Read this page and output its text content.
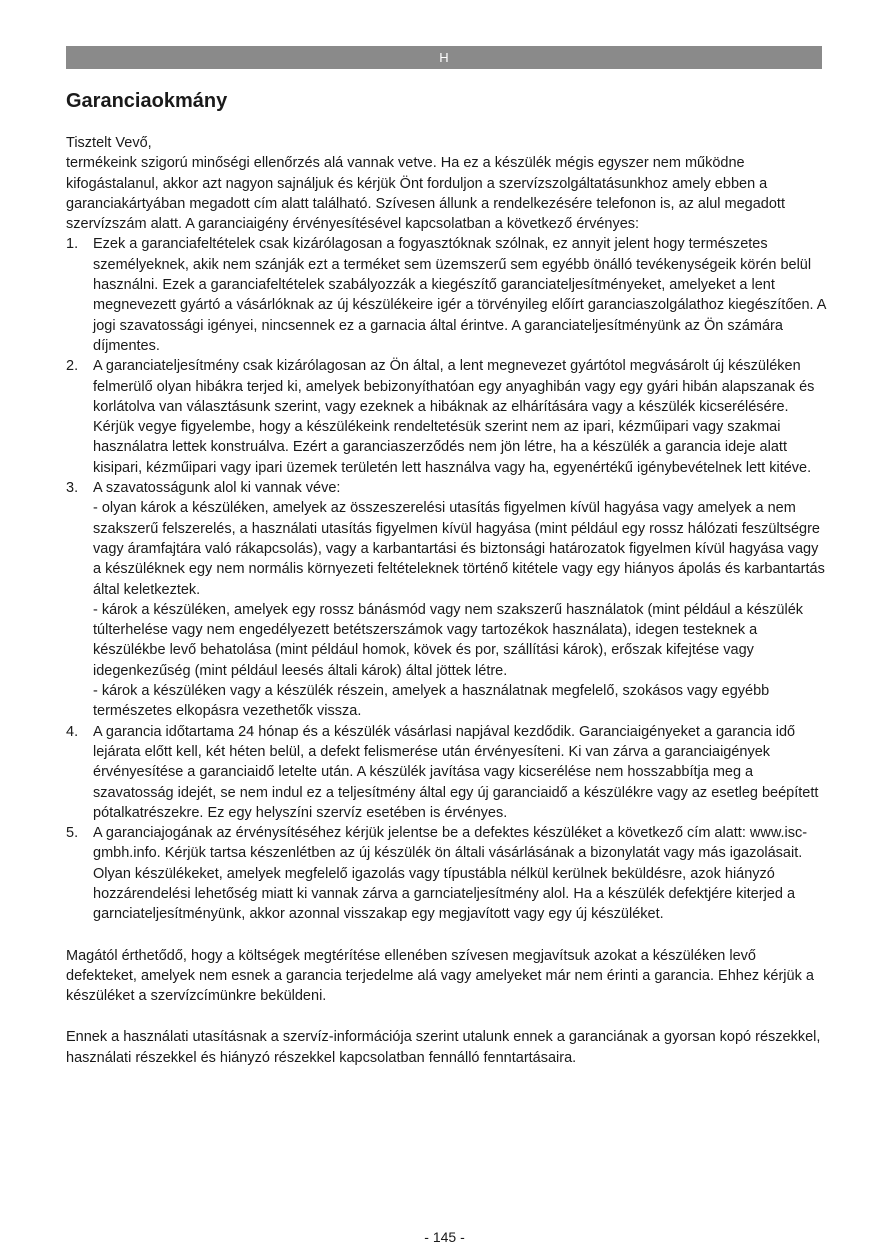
H
Garanciaokmány

Tisztelt Vevő,

termékeink szigorú minőségi ellenőrzés alá vannak vetve. Ha ez a készülék mégis egyszer nem működne kifogástalanul, akkor azt nagyon sajnáljuk és kérjük Önt forduljon a szervízszolgáltatásunkhoz amely ebben a garanciakártyában megadott cím alatt található. Szívesen állunk a rendelkezésére telefonon is, az alul megadott szervízszám alatt. A garanciaigény érvényesítésével kapcsolatban a következő érvényes:

1.	Ezek a garanciafeltételek csak kizárólagosan a fogyasztóknak szólnak, ez annyit jelent hogy természetes személyeknek, akik nem szánják ezt a terméket sem üzemszerű sem egyébb önálló tevékenységeik körén belül használni. Ezek a garanciafeltételek szabályozzák a kiegészítő garanciateljesítményeket, amelyeket a lent megnevezett gyártó a vásárlóknak az új készülékeire igér a törvényileg előírt garanciaszolgálathoz kiegészítően. A jogi szavatossági igényei, nincsennek ez a garnacia által érintve. A garanciateljesítményünk az Ön számára díjmentes.

2.	A garanciateljesítmény csak kizárólagosan az Ön által, a lent megnevezet gyártótol megvásárolt új készüléken felmerülő olyan hibákra terjed ki, amelyek bebizonyíthatóan egy anyaghibán vagy egy gyári hibán alapszanak és korlátolva van választásunk szerint, vagy ezeknek a hibáknak az elhárítására vagy a készülék kicserélésére.

Kérjük vegye figyelembe, hogy a készülékeink rendeltetésük szerint nem az ipari, kézműipari vagy szakmai használatra lettek konstruálva. Ezért a garanciaszerződés nem jön létre, ha a készülék a garancia ideje alatt kisipari, kézműipari vagy ipari üzemek területén lett használva vagy ha, egyenértékű igénybevételnek lett kitéve.

3.	A szavatosságunk alol ki vannak véve:

- olyan károk a készüléken, amelyek az összeszerelési utasítás figyelmen kívül hagyása vagy amelyek a nem szakszerű felszerelés, a használati utasítás figyelmen kívül hagyása (mint például egy rossz hálózati feszültségre vagy áramfajtára való rákapcsolás), vagy a karbantartási és biztonsági határozatok figyelmen kívül hagyása vagy a készüléknek egy nem normális környezeti feltételeknek történő kitétele vagy egy hiányos ápolás és karbantartás által keletkeztek.

- károk a készüléken, amelyek egy rossz bánásmód vagy nem szakszerű használatok (mint például a készülék túlterhelése vagy nem engedélyezett betétszerszámok vagy tartozékok használata), idegen testeknek a készülékbe levő behatolása (mint például homok, kövek és por, szállítási károk), erőszak kifejtése vagy idegenkezűség (mint például leesés általi károk) által jöttek létre.

- károk a készüléken vagy a készülék részein, amelyek a használatnak megfelelő, szokásos vagy egyébb természetes elkopásra vezethetők vissza.

4.	A garancia időtartama 24 hónap és a készülék vásárlasi napjával kezdődik. Garanciaigényeket a garancia idő lejárata előtt kell, két héten belül, a defekt felismerése után érvényesíteni. Ki van zárva a garanciaigények érvényesítése a garanciaidő letelte után. A készülék javítása vagy kicserélése nem hosszabbítja meg a szavatosság idejét, se nem indul ez a teljesítmény által egy új garanciaidő a készülékre vagy az esetleg beépített pótalkatrészekre. Ez egy helyszíni szervíz esetében is érvényes.

5.	A garanciajogának az érvénysítéséhez kérjük jelentse be a defektes készüléket a következő cím alatt: www.isc-gmbh.info. Kérjük tartsa készenlétben az új készülék ön általi vásárlásának a bizonylatát vagy más igazolásait. Olyan készülékeket, amelyek megfelelő igazolás vagy típustábla nélkül kerülnek beküldésre, azok hiányzó hozzárendelési lehetőség miatt ki vannak zárva a garnciateljesítmény alol. Ha a készülék defektjére kiterjed a garnciateljesítményünk, akkor azonnal visszakap egy megjavított vagy egy új készüléket.

Magától érthetődő, hogy a költségek megtérítése ellenében szívesen megjavítsuk azokat a készüléken levő defekteket, amelyek nem esnek a garancia terjedelme alá vagy amelyeket már nem érinti a garancia. Ehhez kérjük a készüléket a szervízcímünkre beküldeni.

Ennek a használati utasításnak a szervíz-információja szerint utalunk ennek a garanciának a gyorsan kopó részekkel, használati részekkel és hiányzó részekkel kapcsolatban fennálló fenntartásaira.

- 145 -
